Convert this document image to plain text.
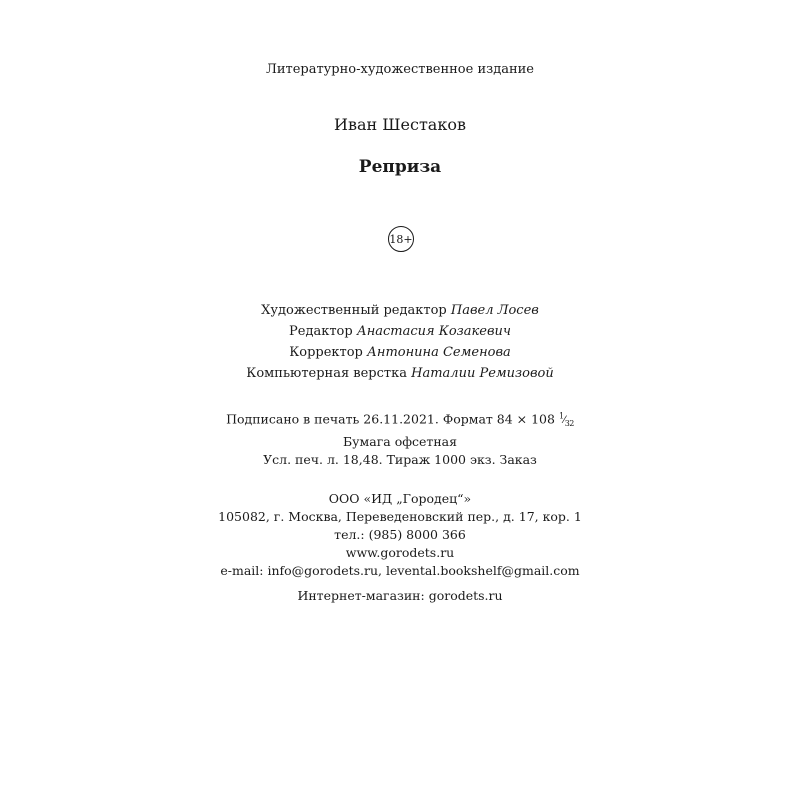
Литературно-художественное издание
Иван Шестаков
Реприза
18+
Художественный редактор Павел Лосев
Редактор Анастасия Козакевич
Корректор Антонина Семенова
Компьютерная верстка Наталии Ремизовой
Подписано в печать 26.11.2021. Формат 84 × 108 $^1⁄_{32}$
Бумага офсетная
Усл. печ. л. 18,48. Тираж 1000 экз. Заказ
ООО «ИД „Городец“»
105082, г. Москва, Переведеновский пер., д. 17, кор. 1
тел.: (985) 8000 366
www.gorodets.ru
e-mail: info@gorodets.ru, levental.bookshelf@gmail.com
Интернет-магазин: gorodets.ru
